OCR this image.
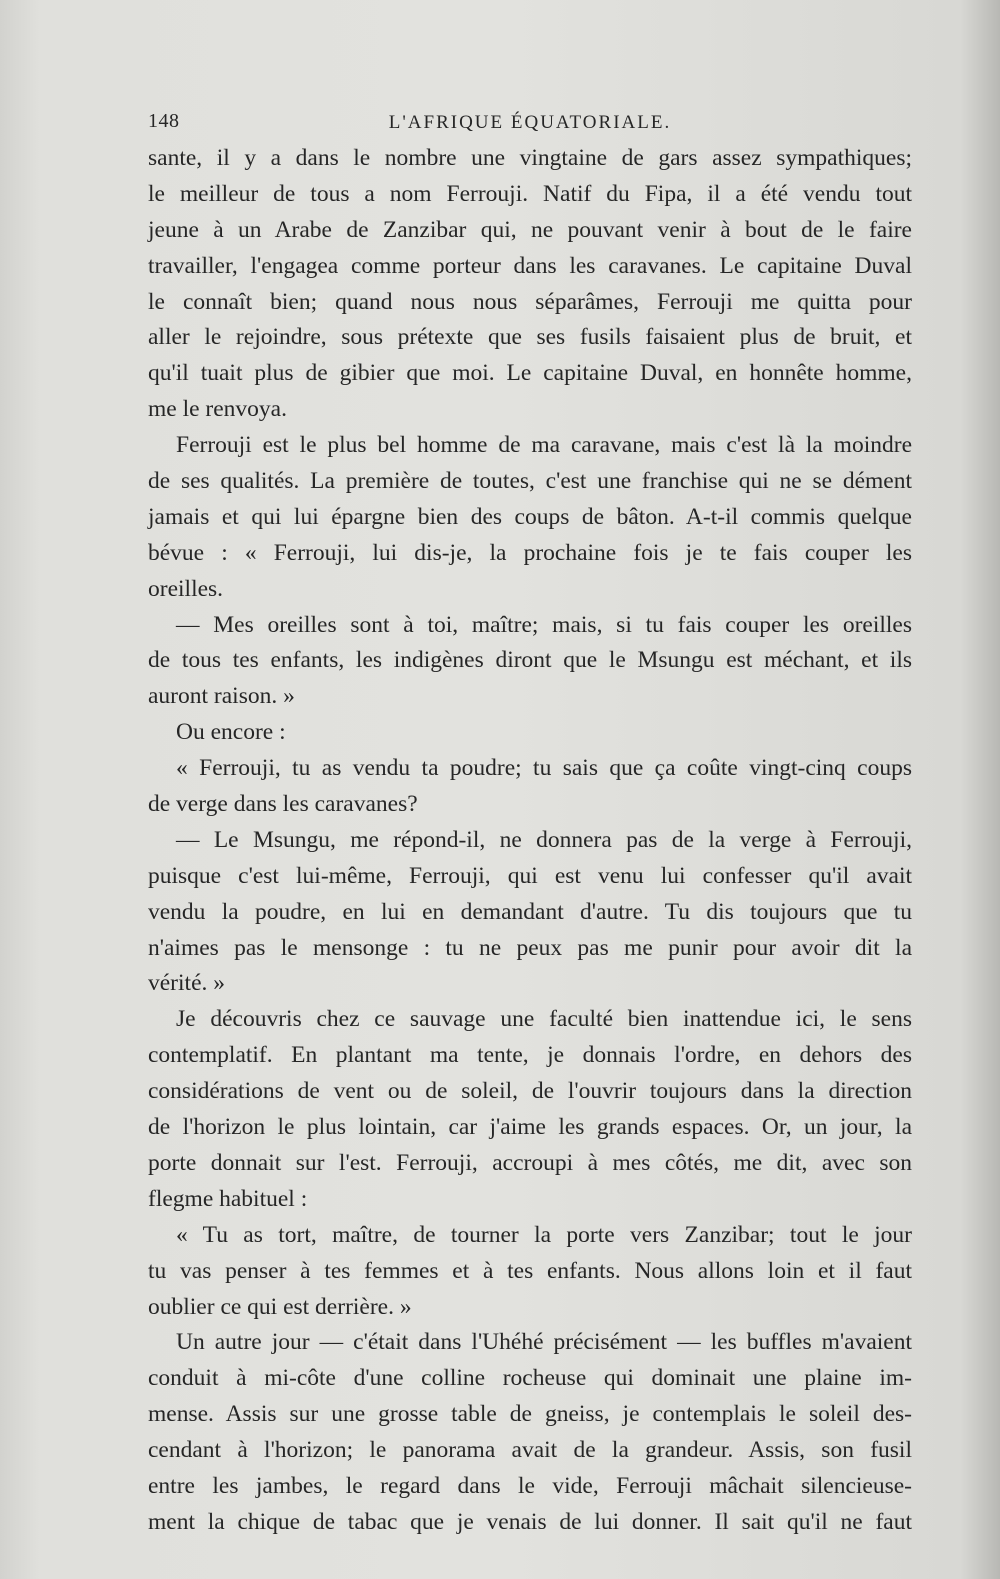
148	L'AFRIQUE ÉQUATORIALE.
sante, il y a dans le nombre une vingtaine de gars assez sympathiques;
le meilleur de tous a nom Ferrouji. Natif du Fipa, il a été vendu tout
jeune à un Arabe de Zanzibar qui, ne pouvant venir à bout de le faire
travailler, l'engagea comme porteur dans les caravanes. Le capitaine Duval
le connaît bien; quand nous nous séparâmes, Ferrouji me quitta pour
aller le rejoindre, sous prétexte que ses fusils faisaient plus de bruit, et
qu'il tuait plus de gibier que moi. Le capitaine Duval, en honnête homme,
me le renvoya.
Ferrouji est le plus bel homme de ma caravane, mais c'est là la moindre
de ses qualités. La première de toutes, c'est une franchise qui ne se dément
jamais et qui lui épargne bien des coups de bâton. A-t-il commis quelque
bévue : « Ferrouji, lui dis-je, la prochaine fois je te fais couper les
oreilles.
— Mes oreilles sont à toi, maître; mais, si tu fais couper les oreilles
de tous tes enfants, les indigènes diront que le Msungu est méchant, et ils
auront raison. »
Ou encore :
« Ferrouji, tu as vendu ta poudre; tu sais que ça coûte vingt-cinq coups
de verge dans les caravanes?
— Le Msungu, me répond-il, ne donnera pas de la verge à Ferrouji,
puisque c'est lui-même, Ferrouji, qui est venu lui confesser qu'il avait
vendu la poudre, en lui en demandant d'autre. Tu dis toujours que tu
n'aimes pas le mensonge : tu ne peux pas me punir pour avoir dit la
vérité. »
Je découvris chez ce sauvage une faculté bien inattendue ici, le sens
contemplatif. En plantant ma tente, je donnais l'ordre, en dehors des
considérations de vent ou de soleil, de l'ouvrir toujours dans la direction
de l'horizon le plus lointain, car j'aime les grands espaces. Or, un jour, la
porte donnait sur l'est. Ferrouji, accroupi à mes côtés, me dit, avec son
flegme habituel :
« Tu as tort, maître, de tourner la porte vers Zanzibar; tout le jour
tu vas penser à tes femmes et à tes enfants. Nous allons loin et il faut
oublier ce qui est derrière. »
Un autre jour — c'était dans l'Uhéhé précisément — les buffles m'avaient
conduit à mi-côte d'une colline rocheuse qui dominait une plaine im-
mense. Assis sur une grosse table de gneiss, je contemplais le soleil des-
cendant à l'horizon; le panorama avait de la grandeur. Assis, son fusil
entre les jambes, le regard dans le vide, Ferrouji mâchait silencieuse-
ment la chique de tabac que je venais de lui donner. Il sait qu'il ne faut
